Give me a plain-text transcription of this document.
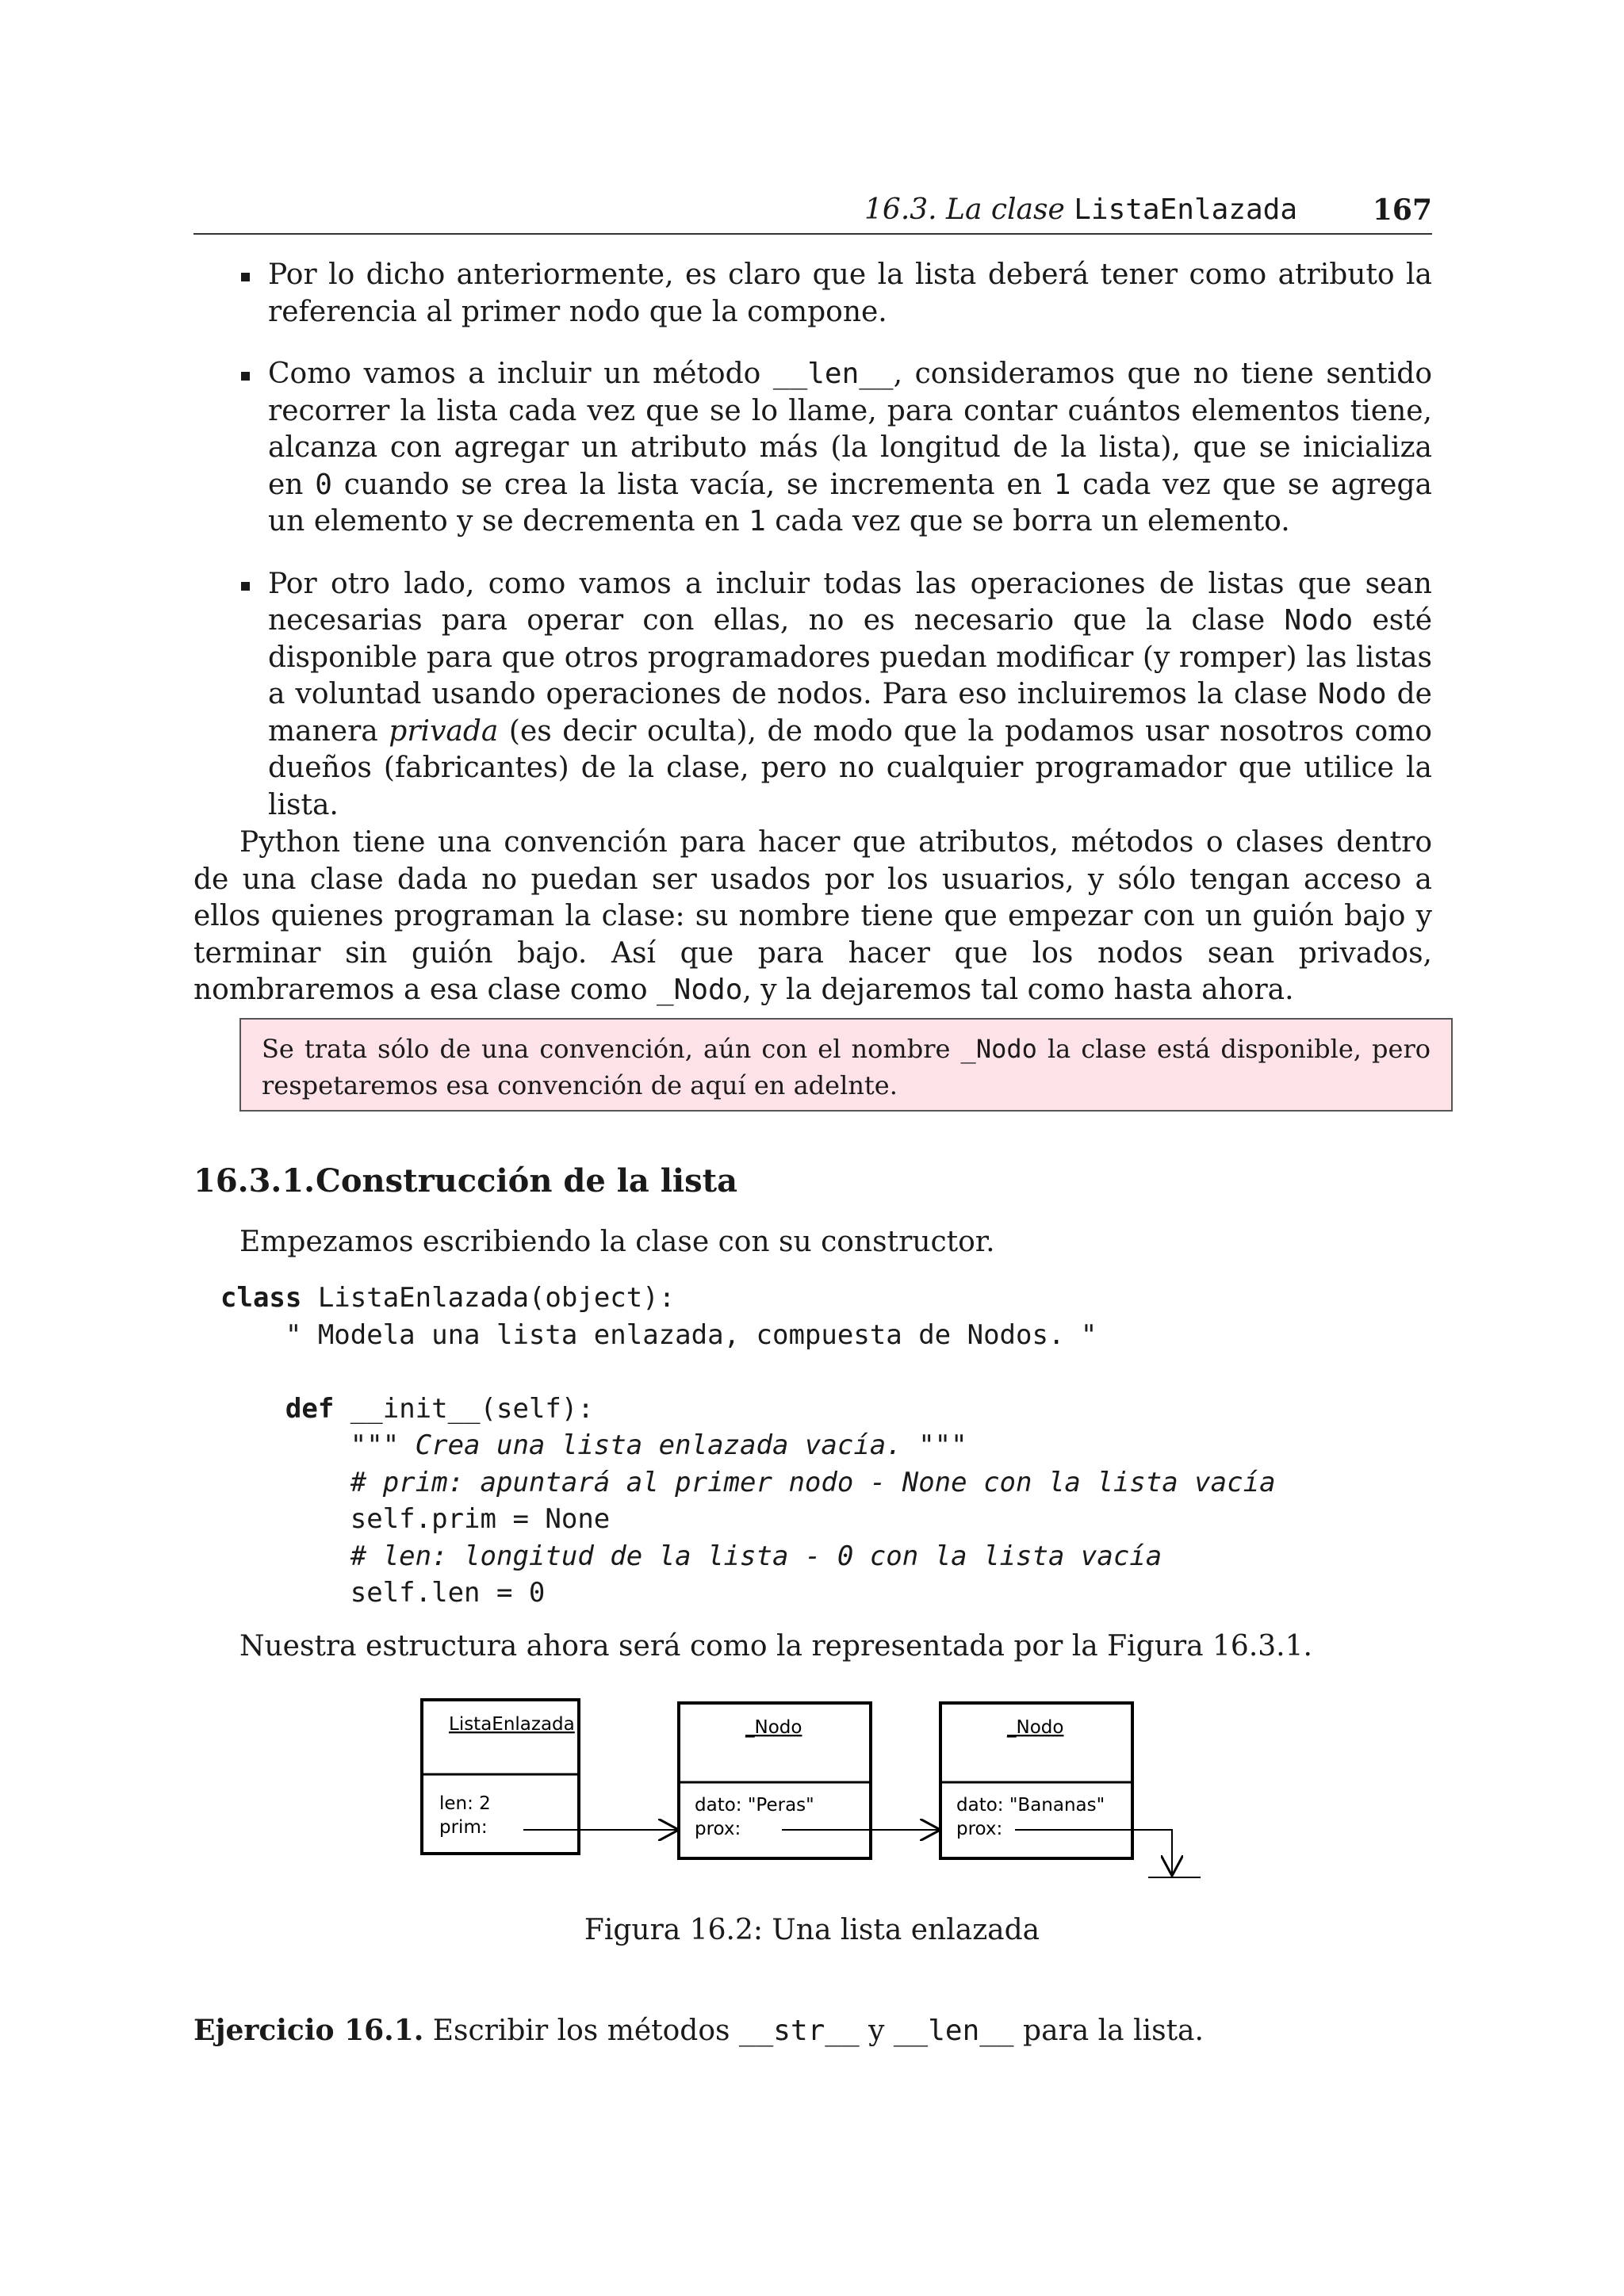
16.3. La clase ListaEnlazada	167
Por lo dicho anteriormente, es claro que la lista deberá tener como atributo la referencia al primer nodo que la compone.
Como vamos a incluir un método __len__, consideramos que no tiene sentido recorrer la lista cada vez que se lo llame, para contar cuántos elementos tiene, alcanza con agregar un atributo más (la longitud de la lista), que se inicializa en 0 cuando se crea la lista vacía, se incrementa en 1 cada vez que se agrega un elemento y se decrementa en 1 cada vez que se borra un elemento.
Por otro lado, como vamos a incluir todas las operaciones de listas que sean necesarias para operar con ellas, no es necesario que la clase Nodo esté disponible para que otros programadores puedan modificar (y romper) las listas a voluntad usando operaciones de nodos. Para eso incluiremos la clase Nodo de manera privada (es decir oculta), de modo que la podamos usar nosotros como dueños (fabricantes) de la clase, pero no cualquier programador que utilice la lista.

Python tiene una convención para hacer que atributos, métodos o clases dentro de una clase dada no puedan ser usados por los usuarios, y sólo tengan acceso a ellos quienes programan la clase: su nombre tiene que empezar con un guión bajo y terminar sin guión bajo. Así que para hacer que los nodos sean privados, nombraremos a esa clase como _Nodo, y la dejaremos tal como hasta ahora.

Se trata sólo de una convención, aún con el nombre _Nodo la clase está disponible, pero respetaremos esa convención de aquí en adelnte.
16.3.1.Construcción de la lista

Empezamos escribiendo la clase con su constructor.

class ListaEnlazada(object):
" Modela una lista enlazada, compuesta de Nodos. "

def __init__(self):
""" Crea una lista enlazada vacía. """
# prim: apuntará al primer nodo - None con la lista vacía
self.prim = None
# len: longitud de la lista - 0 con la lista vacía
self.len = 0

Nuestra estructura ahora será como la representada por la Figura 16.3.1.

ListaEnlazada
len: 2
prim:
_Nodo
dato: "Peras"
prox:
_Nodo
dato: "Bananas"
prox:
Figura 16.2: Una lista enlazada
Ejercicio 16.1. Escribir los métodos __str__ y __len__ para la lista.
